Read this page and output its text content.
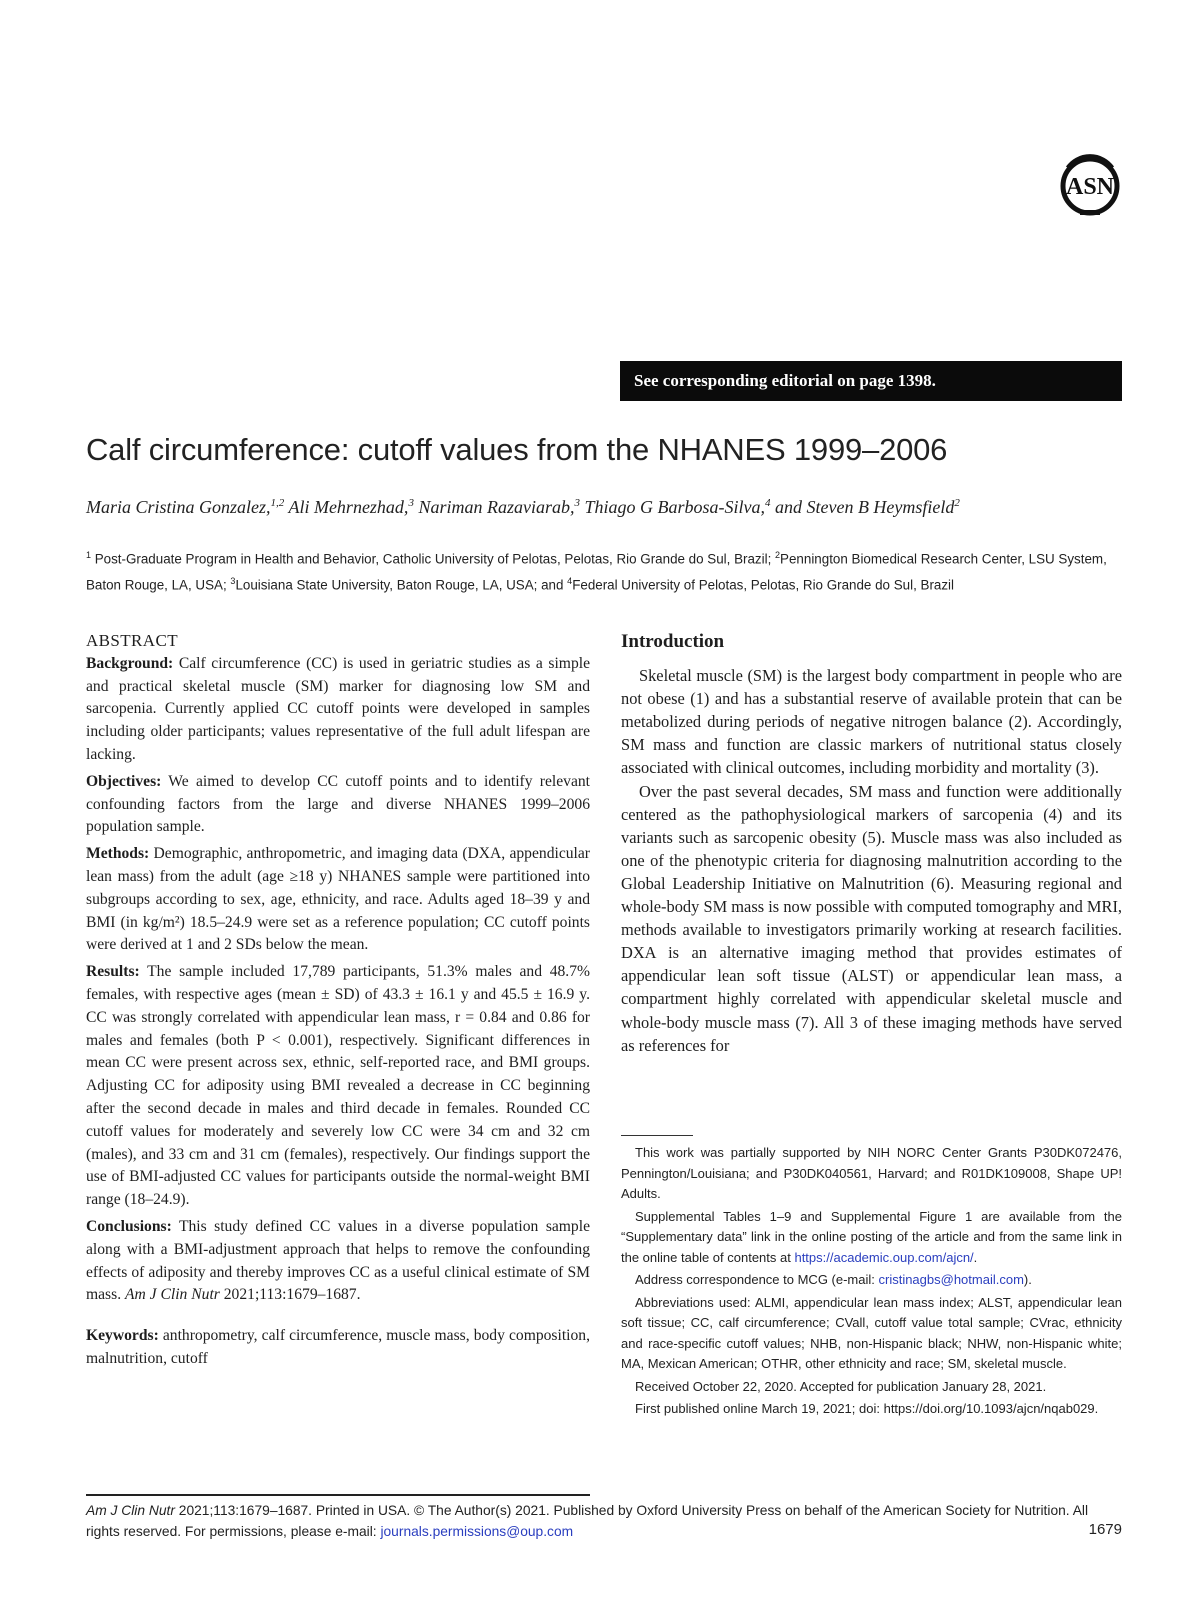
ASN
See corresponding editorial on page 1398.
Calf circumference: cutoff values from the NHANES 1999–2006
Maria Cristina Gonzalez,$^{1,2}$ Ali Mehrnezhad,$^3$ Nariman Razaviarab,$^3$ Thiago G Barbosa-Silva,$^4$ and Steven B Heymsfield$^2$
$^1$ Post-Graduate Program in Health and Behavior, Catholic University of Pelotas, Pelotas, Rio Grande do Sul, Brazil; $^2$Pennington Biomedical Research Center, LSU System, Baton Rouge, LA, USA; $^3$Louisiana State University, Baton Rouge, LA, USA; and $^4$Federal University of Pelotas, Pelotas, Rio Grande do Sul, Brazil
ABSTRACT

Background: Calf circumference (CC) is used in geriatric studies as a simple and practical skeletal muscle (SM) marker for diagnosing low SM and sarcopenia. Currently applied CC cutoff points were developed in samples including older participants; values representative of the full adult lifespan are lacking.

Objectives: We aimed to develop CC cutoff points and to identify relevant confounding factors from the large and diverse NHANES 1999–2006 population sample.

Methods: Demographic, anthropometric, and imaging data (DXA, appendicular lean mass) from the adult (age ≥18 y) NHANES sample were partitioned into subgroups according to sex, age, ethnicity, and race. Adults aged 18–39 y and BMI (in kg/m²) 18.5–24.9 were set as a reference population; CC cutoff points were derived at 1 and 2 SDs below the mean.

Results: The sample included 17,789 participants, 51.3% males and 48.7% females, with respective ages (mean ± SD) of 43.3 ± 16.1 y and 45.5 ± 16.9 y. CC was strongly correlated with appendicular lean mass, r = 0.84 and 0.86 for males and females (both P < 0.001), respectively. Significant differences in mean CC were present across sex, ethnic, self-reported race, and BMI groups. Adjusting CC for adiposity using BMI revealed a decrease in CC beginning after the second decade in males and third decade in females. Rounded CC cutoff values for moderately and severely low CC were 34 cm and 32 cm (males), and 33 cm and 31 cm (females), respectively. Our findings support the use of BMI-adjusted CC values for participants outside the normal-weight BMI range (18–24.9).

Conclusions: This study defined CC values in a diverse population sample along with a BMI-adjustment approach that helps to remove the confounding effects of adiposity and thereby improves CC as a useful clinical estimate of SM mass. Am J Clin Nutr 2021;113:1679–1687.

Keywords: anthropometry, calf circumference, muscle mass, body composition, malnutrition, cutoff

Introduction

Skeletal muscle (SM) is the largest body compartment in people who are not obese (1) and has a substantial reserve of available protein that can be metabolized during periods of negative nitrogen balance (2). Accordingly, SM mass and function are classic markers of nutritional status closely associated with clinical outcomes, including morbidity and mortality (3).

Over the past several decades, SM mass and function were additionally centered as the pathophysiological markers of sarcopenia (4) and its variants such as sarcopenic obesity (5). Muscle mass was also included as one of the phenotypic criteria for diagnosing malnutrition according to the Global Leadership Initiative on Malnutrition (6). Measuring regional and whole-body SM mass is now possible with computed tomography and MRI, methods available to investigators primarily working at research facilities. DXA is an alternative imaging method that provides estimates of appendicular lean soft tissue (ALST) or appendicular lean mass, a compartment highly correlated with appendicular skeletal muscle and whole-body muscle mass (7). All 3 of these imaging methods have served as references for

This work was partially supported by NIH NORC Center Grants P30DK072476, Pennington/Louisiana; and P30DK040561, Harvard; and R01DK109008, Shape UP! Adults.

Supplemental Tables 1–9 and Supplemental Figure 1 are available from the “Supplementary data” link in the online posting of the article and from the same link in the online table of contents at https://academic.oup.com/ajcn/.

Address correspondence to MCG (e-mail: cristinagbs@hotmail.com).

Abbreviations used: ALMI, appendicular lean mass index; ALST, appendicular lean soft tissue; CC, calf circumference; CVall, cutoff value total sample; CVrac, ethnicity and race-specific cutoff values; NHB, non-Hispanic black; NHW, non-Hispanic white; MA, Mexican American; OTHR, other ethnicity and race; SM, skeletal muscle.

Received October 22, 2020. Accepted for publication January 28, 2021.

First published online March 19, 2021; doi: https://doi.org/10.1093/ajcn/nqab029.

Am J Clin Nutr 2021;113:1679–1687. Printed in USA. © The Author(s) 2021. Published by Oxford University Press on behalf of the American Society for Nutrition. All rights reserved. For permissions, please e-mail: journals.permissions@oup.com	1679
